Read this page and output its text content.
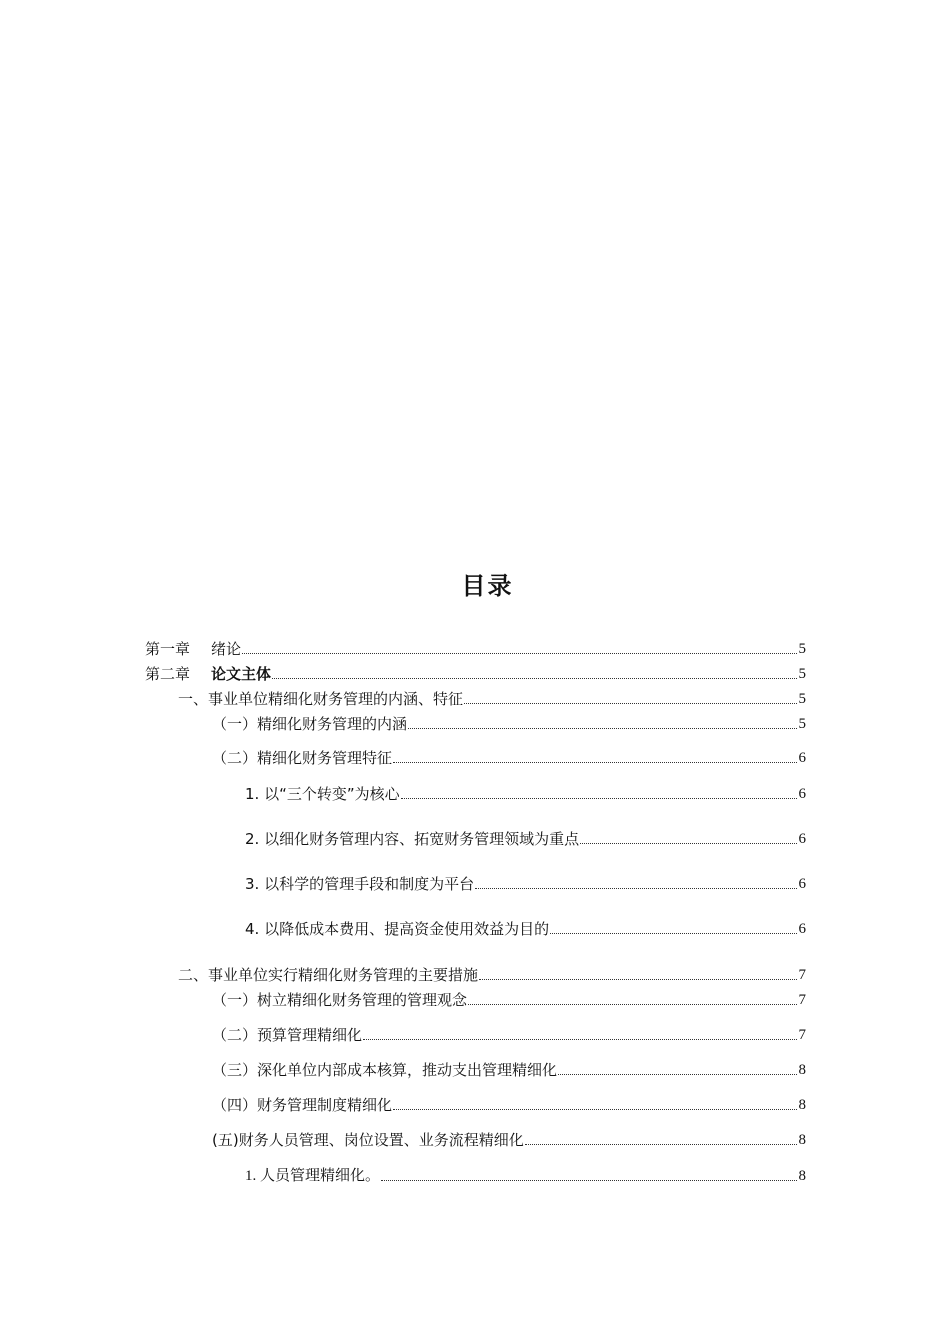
目录
第一章 绪论	5
第二章 论文主体	5
一、事业单位精细化财务管理的内涵、特征	5
（一）精细化财务管理的内涵	5
（二）精细化财务管理特征	6
1. 以“三个转变”为核心	6
2. 以细化财务管理内容、拓宽财务管理领域为重点	6
3. 以科学的管理手段和制度为平台	6
4. 以降低成本费用、提高资金使用效益为目的	6
二、事业单位实行精细化财务管理的主要措施	7
（一）树立精细化财务管理的管理观念	7
（二）预算管理精细化	7
（三）深化单位内部成本核算，推动支出管理精细化	8
（四）财务管理制度精细化	8
(五)财务人员管理、岗位设置、业务流程精细化	8
1. 人员管理精细化。	8
